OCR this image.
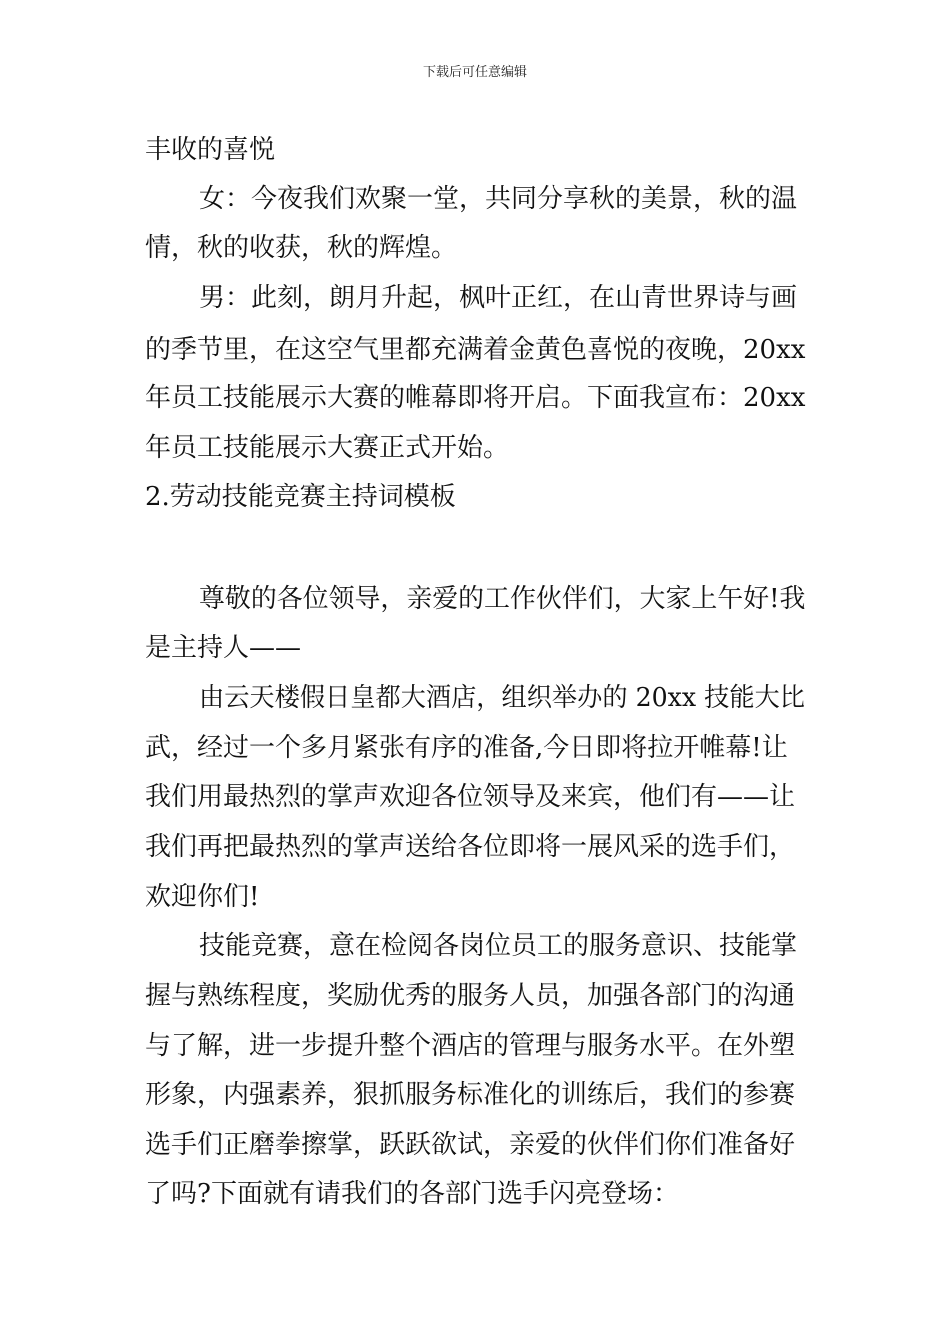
下载后可任意编辑
丰收的喜悦
女：今夜我们欢聚一堂，共同分享秋的美景，秋的温
情，秋的收获，秋的辉煌。
男：此刻，朗月升起，枫叶正红，在山青世界诗与画
的季节里，在这空气里都充满着金黄色喜悦的夜晚，20xx
年员工技能展示大赛的帷幕即将开启。下面我宣布：20xx
年员工技能展示大赛正式开始。
2.劳动技能竞赛主持词模板
尊敬的各位领导，亲爱的工作伙伴们，大家上午好!我
是主持人——
由云天楼假日皇都大酒店，组织举办的 20xx 技能大比
武，经过一个多月紧张有序的准备,今日即将拉开帷幕!让
我们用最热烈的掌声欢迎各位领导及来宾，他们有——让
我们再把最热烈的掌声送给各位即将一展风采的选手们，
欢迎你们!
技能竞赛，意在检阅各岗位员工的服务意识、技能掌
握与熟练程度，奖励优秀的服务人员，加强各部门的沟通
与了解，进一步提升整个酒店的管理与服务水平。在外塑
形象，内强素养，狠抓服务标准化的训练后，我们的参赛
选手们正磨拳擦掌，跃跃欲试，亲爱的伙伴们你们准备好
了吗?下面就有请我们的各部门选手闪亮登场：
